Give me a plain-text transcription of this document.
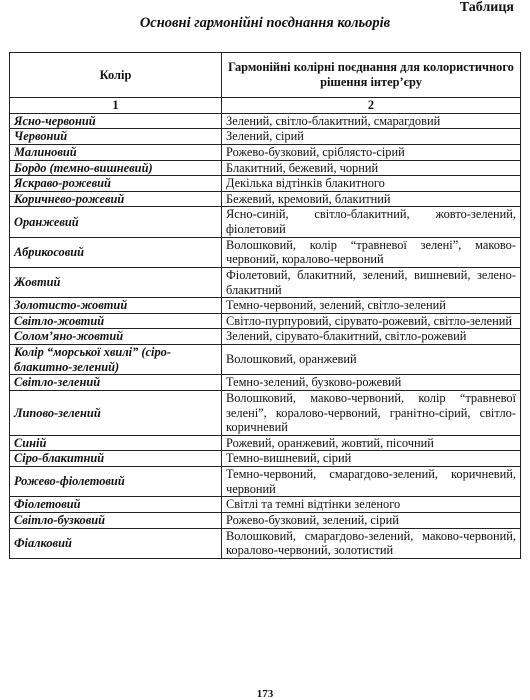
Таблиця
Основні гармонійні поєднання кольорів
Колір	Гармонійні колірні поєднання для колористичного рішення інтер’єру
1	2
Ясно-червоний	Зелений, світло-блакитний, смарагдовий
Червоний	Зелений, сірий
Малиновий	Рожево-бузковий, сріблясто-сірий
Бордо (темно-вишневий)	Блакитний, бежевий, чорний
Яскраво-рожевий	Декілька відтінків блакитного
Коричнево-рожевий	Бежевий, кремовий, блакитний
Оранжевий	Ясно-синій, світло-блакитний, жовто-зелений, фіолетовий
Абрикосовий	Волошковий, колір “травневої зелені”, маково-червоний, коралово-червоний
Жовтий	Фіолетовий, блакитний, зелений, вишневий, зелено-блакитний
Золотисто-жовтий	Темно-червоний, зелений, світло-зелений
Світло-жовтий	Світло-пурпуровий, сірувато-рожевий, світло-зелений
Солом’яно-жовтий	Зелений, сірувато-блакитний, світло-рожевий
Колір “морської хвилі” (сіро-блакитно-зелений)	Волошковий, оранжевий
Світло-зелений	Темно-зелений, бузково-рожевий
Липово-зелений	Волошковий, маково-червоний, колір “травневої зелені”, коралово-червоний, гранітно-сірий, світло-коричневий
Синій	Рожевий, оранжевий, жовтий, пісочний
Сіро-блакитний	Темно-вишневий, сірий
Рожево-фіолетовий	Темно-червоний, смарагдово-зелений, коричневий, червоний
Фіолетовий	Світлі та темні відтінки зеленого
Світло-бузковий	Рожево-бузковий, зелений, сірий
Фіалковий	Волошковий, смарагдово-зелений, маково-червоний, коралово-червоний, золотистий
173
